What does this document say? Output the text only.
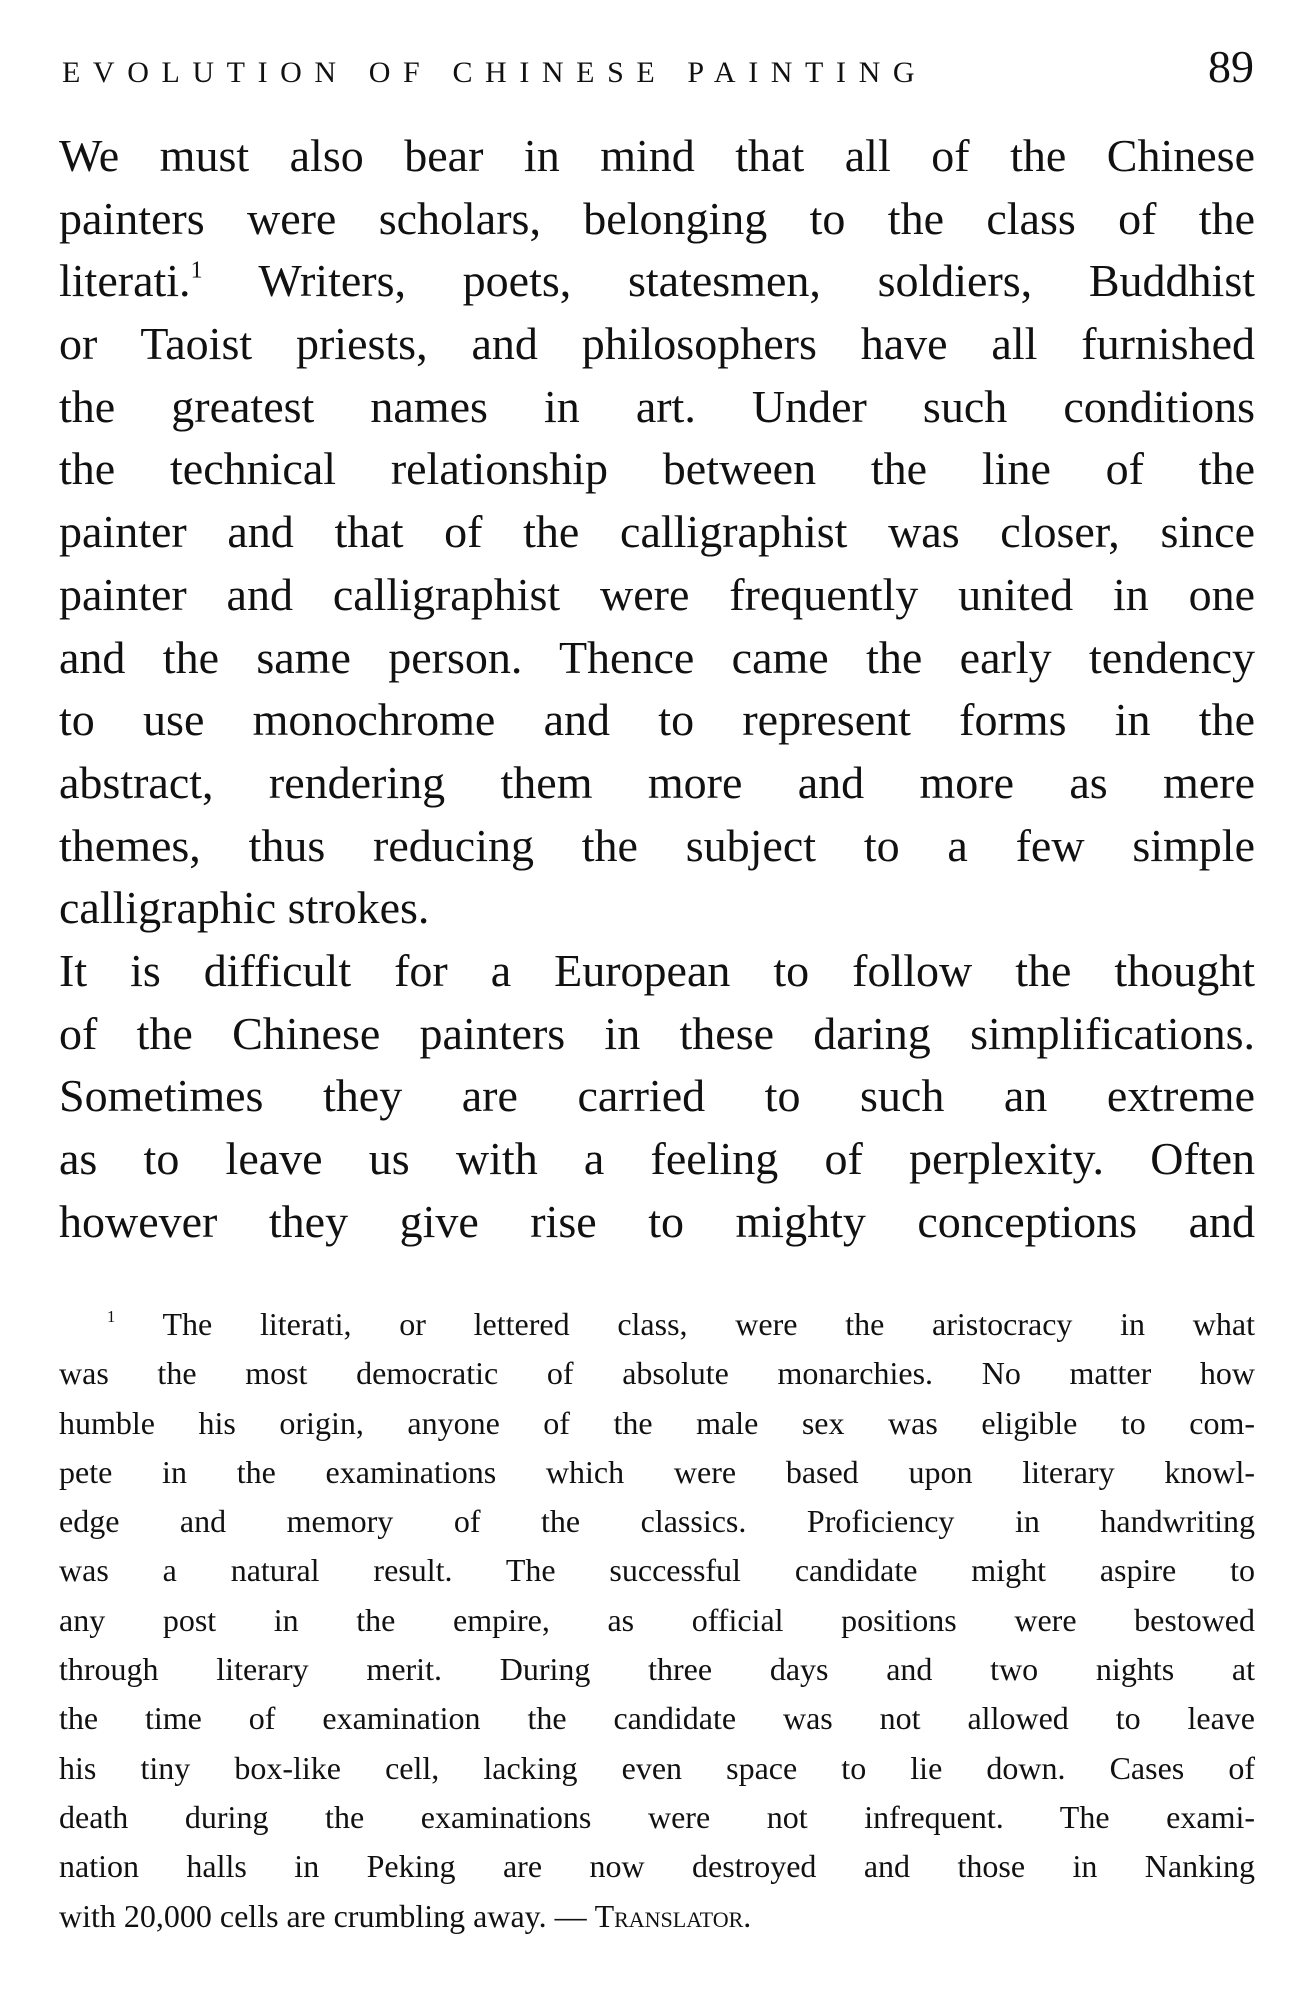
EVOLUTION OF CHINESE PAINTING	89
We must also bear in mind that all of the Chinese
painters were scholars, belonging to the class of the
literati.$^1$ Writers, poets, statesmen, soldiers, Buddhist
or Taoist priests, and philosophers have all furnished
the greatest names in art. Under such conditions
the technical relationship between the line of the
painter and that of the calligraphist was closer, since
painter and calligraphist were frequently united in one
and the same person. Thence came the early tendency
to use monochrome and to represent forms in the
abstract, rendering them more and more as mere
themes, thus reducing the subject to a few simple
calligraphic strokes.
It is difficult for a European to follow the thought
of the Chinese painters in these daring simplifications.
Sometimes they are carried to such an extreme
as to leave us with a feeling of perplexity. Often
however they give rise to mighty conceptions and
$^1$ The literati, or lettered class, were the aristocracy in what
was the most democratic of absolute monarchies. No matter how
humble his origin, anyone of the male sex was eligible to com-
pete in the examinations which were based upon literary knowl-
edge and memory of the classics. Proficiency in handwriting
was a natural result. The successful candidate might aspire to
any post in the empire, as official positions were bestowed
through literary merit. During three days and two nights at
the time of examination the candidate was not allowed to leave
his tiny box-like cell, lacking even space to lie down. Cases of
death during the examinations were not infrequent. The exami-
nation halls in Peking are now destroyed and those in Nanking
with 20,000 cells are crumbling away. — Translator.
